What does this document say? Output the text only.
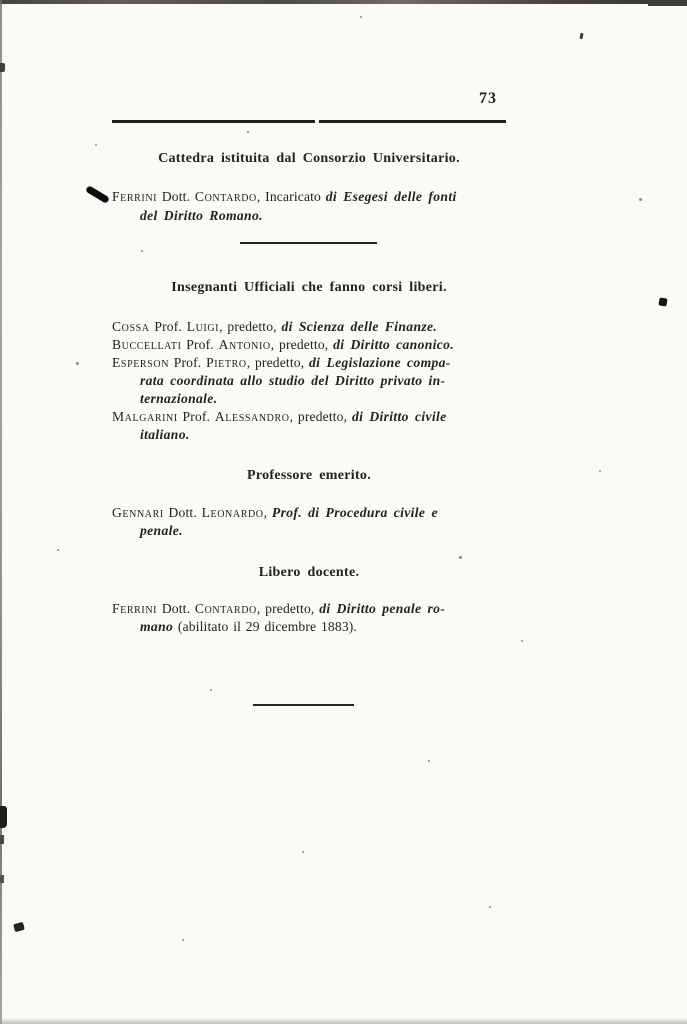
73
Cattedra istituita dal Consorzio Universitario.

Ferrini Dott. Contardo, Incaricato di Esegesi delle fonti
del Diritto Romano.

Insegnanti Ufficiali che fanno corsi liberi.

Cossa Prof. Luigi, predetto, di Scienza delle Finanze.

Buccellati Prof. Antonio, predetto, di Diritto canonico.

Esperson Prof. Pietro, predetto, di Legislazione compa-
rata coordinata allo studio del Diritto privato in-
ternazionale.

Malgarini Prof. Alessandro, predetto, di Diritto civile
italiano.

Professore emerito.

Gennari Dott. Leonardo, Prof. di Procedura civile e
penale.

Libero docente.

Ferrini Dott. Contardo, predetto, di Diritto penale ro-
mano (abilitato il 29 dicembre 1883).
